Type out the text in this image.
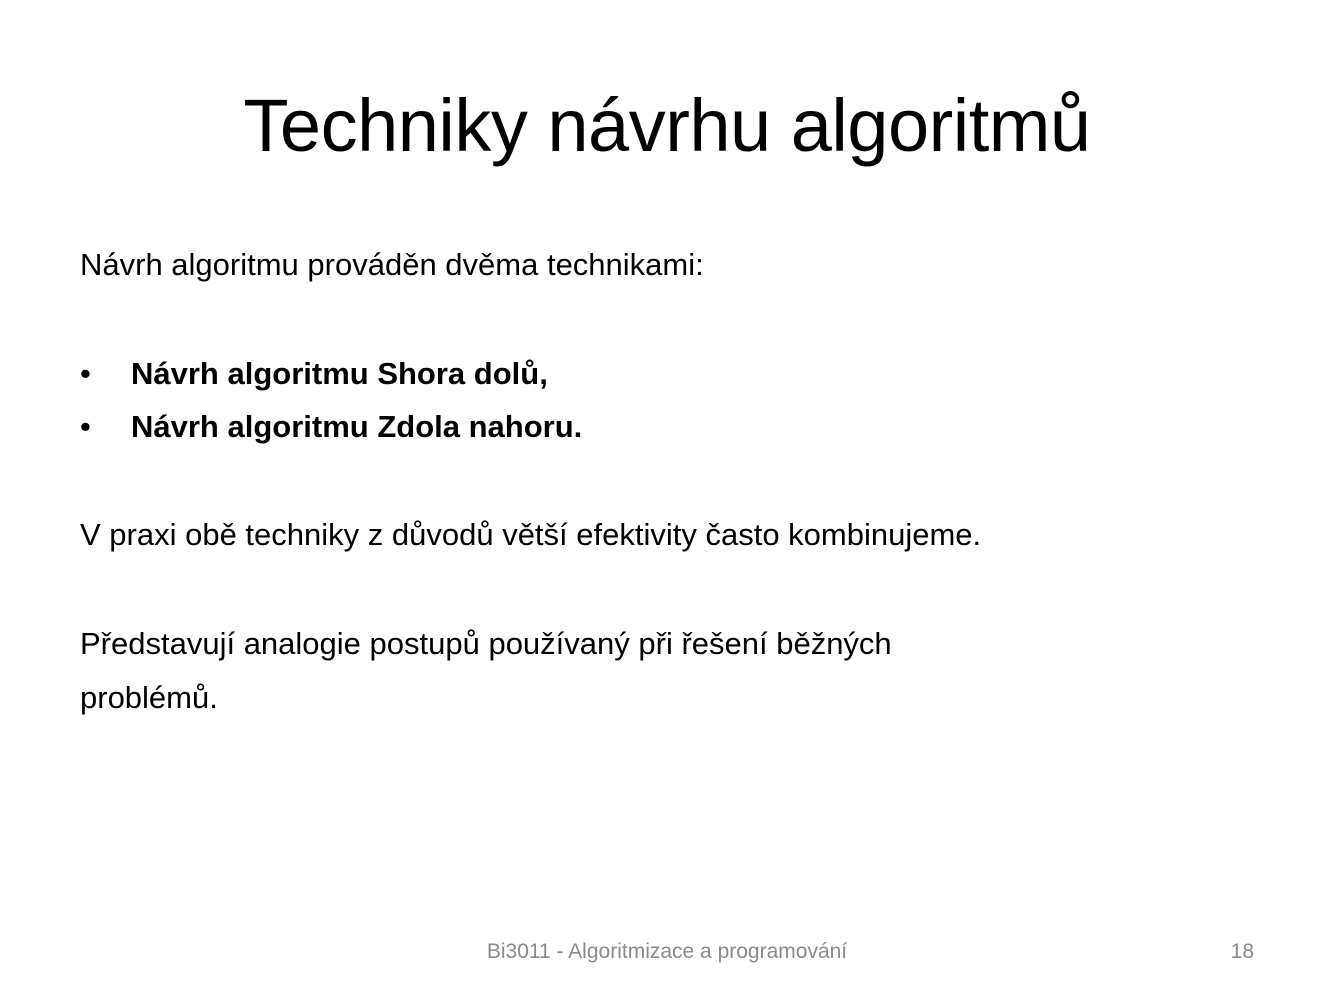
Techniky návrhu algoritmů

Návrh algoritmu prováděn dvěma technikami:

• Návrh algoritmu Shora dolů,
• Návrh algoritmu Zdola nahoru.

V praxi obě techniky z důvodů větší efektivity často kombinujeme.

Představují analogie postupů používaný při řešení běžných problémů.

Bi3011 - Algoritmizace a programování	18
